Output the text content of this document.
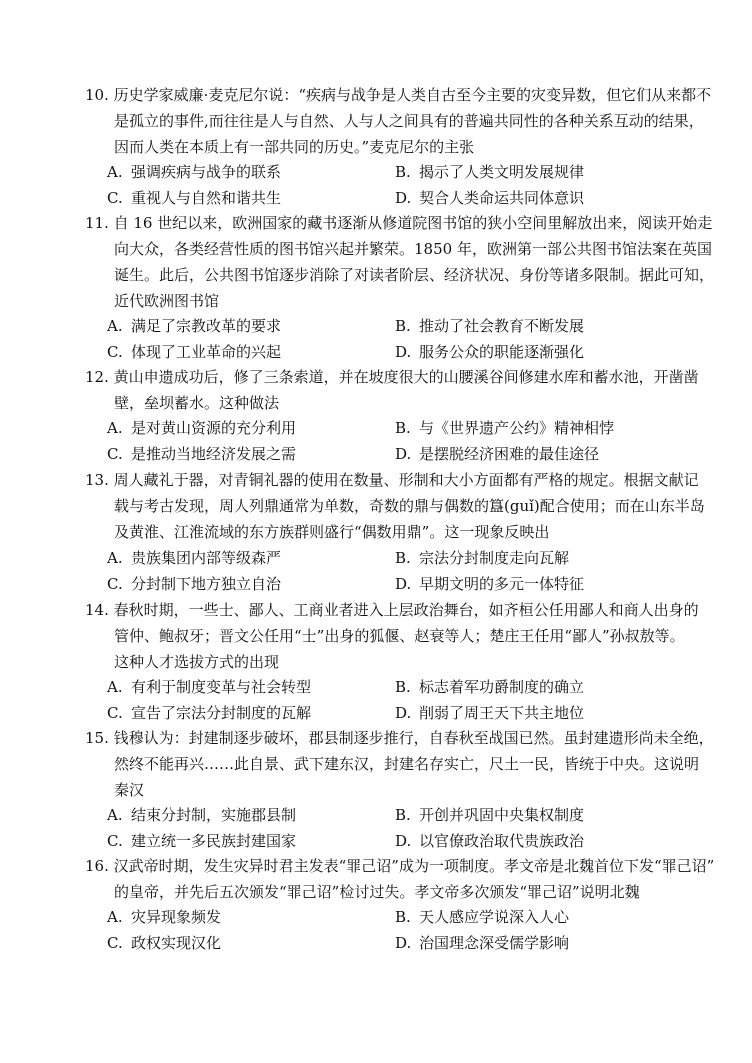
10. 历史学家威廉·麦克尼尔说：“疾病与战争是人类自古至今主要的灾变异数，但它们从来都不
是孤立的事件,而往往是人与自然、人与人之间具有的普遍共同性的各种关系互动的结果，
因而人类在本质上有一部共同的历史。”麦克尼尔的主张
A. 强调疾病与战争的联系	B. 揭示了人类文明发展规律
C. 重视人与自然和谐共生	D. 契合人类命运共同体意识
11. 自 16 世纪以来，欧洲国家的藏书逐渐从修道院图书馆的狭小空间里解放出来，阅读开始走
向大众，各类经营性质的图书馆兴起并繁荣。1850 年，欧洲第一部公共图书馆法案在英国
诞生。此后，公共图书馆逐步消除了对读者阶层、经济状况、身份等诸多限制。据此可知，
近代欧洲图书馆
A. 满足了宗教改革的要求	B. 推动了社会教育不断发展
C. 体现了工业革命的兴起	D. 服务公众的职能逐渐强化
12. 黄山申遗成功后，修了三条索道，并在坡度很大的山腰溪谷间修建水库和蓄水池，开凿凿
壁，垒坝蓄水。这种做法
A. 是对黄山资源的充分利用	B. 与《世界遗产公约》精神相悖
C. 是推动当地经济发展之需	D. 是摆脱经济困难的最佳途径
13. 周人藏礼于器，对青铜礼器的使用在数量、形制和大小方面都有严格的规定。根据文献记
载与考古发现，周人列鼎通常为单数，奇数的鼎与偶数的簋(guǐ)配合使用；而在山东半岛
及黄淮、江淮流域的东方族群则盛行“偶数用鼎”。这一现象反映出
A. 贵族集团内部等级森严	B. 宗法分封制度走向瓦解
C. 分封制下地方独立自治	D. 早期文明的多元一体特征
14. 春秋时期，一些士、鄙人、工商业者进入上层政治舞台，如齐桓公任用鄙人和商人出身的
管仲、鲍叔牙；晋文公任用“士”出身的狐偃、赵衰等人；楚庄王任用“鄙人”孙叔敖等。
这种人才选拔方式的出现
A. 有利于制度变革与社会转型	B. 标志着军功爵制度的确立
C. 宣告了宗法分封制度的瓦解	D. 削弱了周王天下共主地位
15. 钱穆认为：封建制逐步破坏，郡县制逐步推行，自春秋至战国已然。虽封建遗形尚未全绝，
然终不能再兴……此自景、武下建东汉，封建名存实亡，尺土一民，皆统于中央。这说明
秦汉
A. 结束分封制，实施郡县制	B. 开创并巩固中央集权制度
C. 建立统一多民族封建国家	D. 以官僚政治取代贵族政治
16. 汉武帝时期，发生灾异时君主发表“罪己诏”成为一项制度。孝文帝是北魏首位下发“罪己诏”
的皇帝，并先后五次颁发“罪己诏”检讨过失。孝文帝多次颁发“罪己诏”说明北魏
A. 灾异现象频发	B. 天人感应学说深入人心
C. 政权实现汉化	D. 治国理念深受儒学影响
